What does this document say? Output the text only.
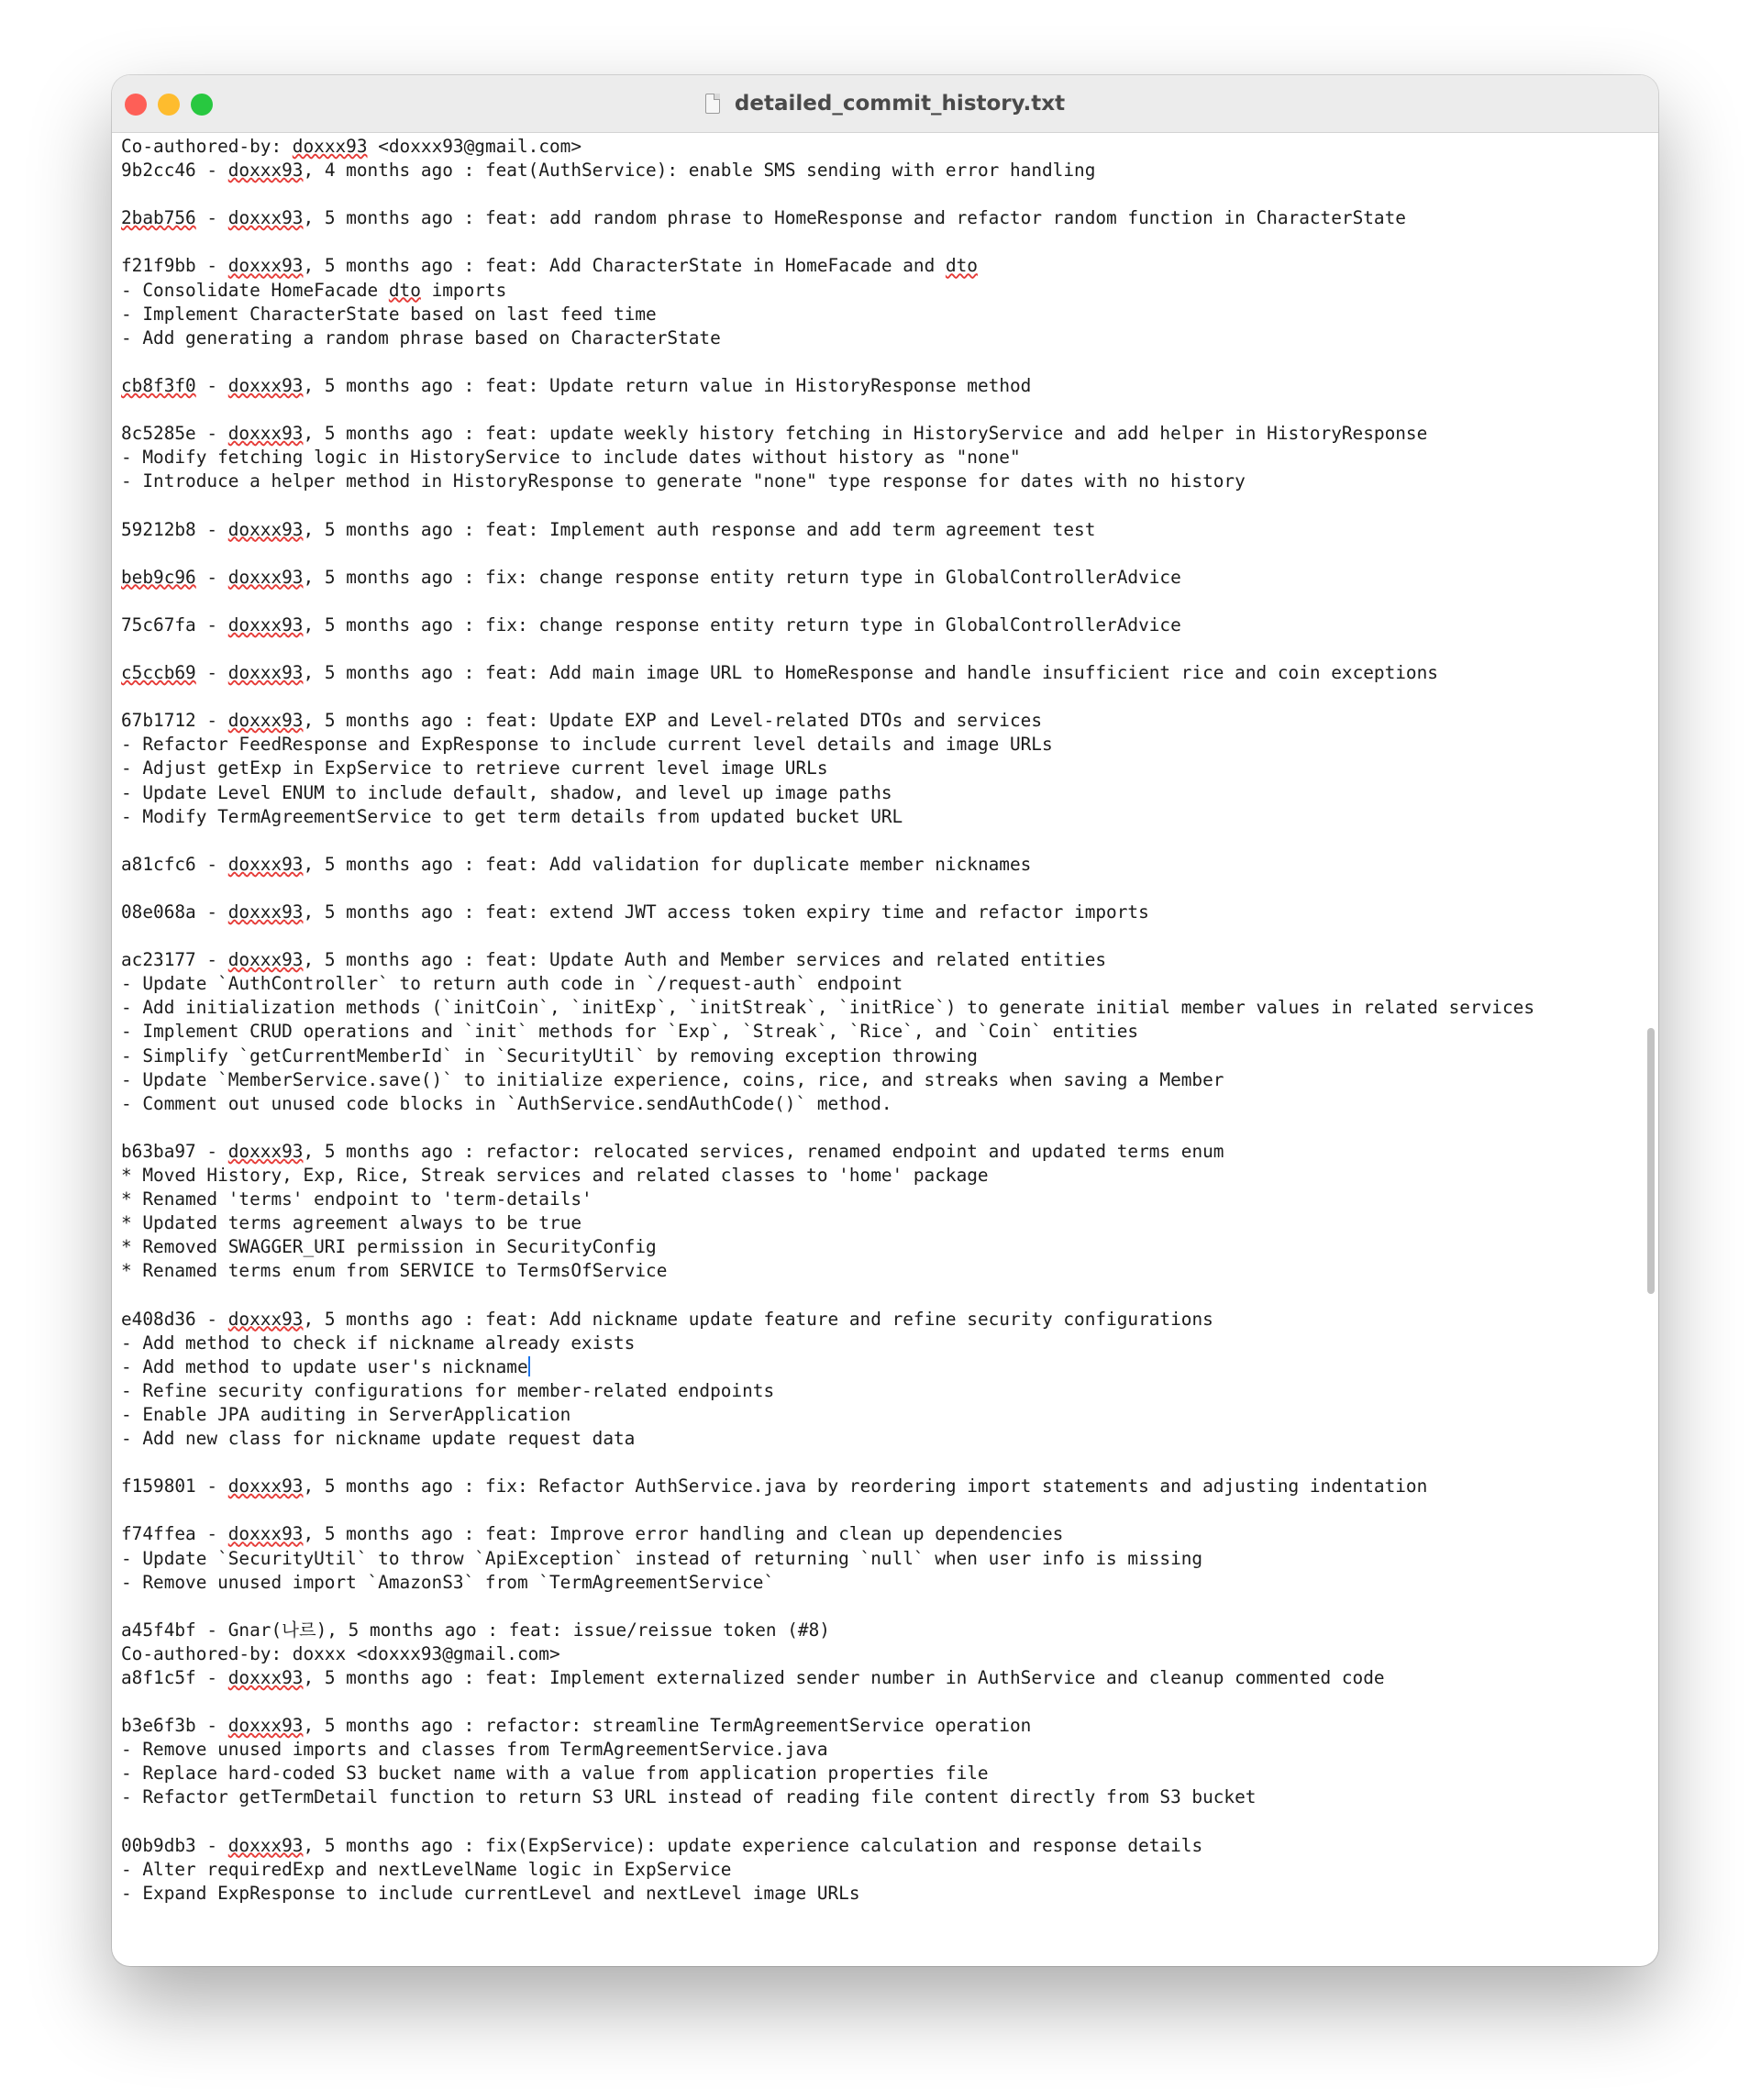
detailed_commit_history.txt
Co-authored-by: doxxx93 <doxxx93@gmail.com>
9b2cc46 - doxxx93, 4 months ago : feat(AuthService): enable SMS sending with error handling
2bab756 - doxxx93, 5 months ago : feat: add random phrase to HomeResponse and refactor random function in CharacterState
f21f9bb - doxxx93, 5 months ago : feat: Add CharacterState in HomeFacade and dto
- Consolidate HomeFacade dto imports
- Implement CharacterState based on last feed time
- Add generating a random phrase based on CharacterState
cb8f3f0 - doxxx93, 5 months ago : feat: Update return value in HistoryResponse method
8c5285e - doxxx93, 5 months ago : feat: update weekly history fetching in HistoryService and add helper in HistoryResponse
- Modify fetching logic in HistoryService to include dates without history as "none"
- Introduce a helper method in HistoryResponse to generate "none" type response for dates with no history
59212b8 - doxxx93, 5 months ago : feat: Implement auth response and add term agreement test
beb9c96 - doxxx93, 5 months ago : fix: change response entity return type in GlobalControllerAdvice
75c67fa - doxxx93, 5 months ago : fix: change response entity return type in GlobalControllerAdvice
c5ccb69 - doxxx93, 5 months ago : feat: Add main image URL to HomeResponse and handle insufficient rice and coin exceptions
67b1712 - doxxx93, 5 months ago : feat: Update EXP and Level-related DTOs and services
- Refactor FeedResponse and ExpResponse to include current level details and image URLs
- Adjust getExp in ExpService to retrieve current level image URLs
- Update Level ENUM to include default, shadow, and level up image paths
- Modify TermAgreementService to get term details from updated bucket URL
a81cfc6 - doxxx93, 5 months ago : feat: Add validation for duplicate member nicknames
08e068a - doxxx93, 5 months ago : feat: extend JWT access token expiry time and refactor imports
ac23177 - doxxx93, 5 months ago : feat: Update Auth and Member services and related entities
- Update `AuthController` to return auth code in `/request-auth` endpoint
- Add initialization methods (`initCoin`, `initExp`, `initStreak`, `initRice`) to generate initial member values in related services
- Implement CRUD operations and `init` methods for `Exp`, `Streak`, `Rice`, and `Coin` entities
- Simplify `getCurrentMemberId` in `SecurityUtil` by removing exception throwing
- Update `MemberService.save()` to initialize experience, coins, rice, and streaks when saving a Member
- Comment out unused code blocks in `AuthService.sendAuthCode()` method.
b63ba97 - doxxx93, 5 months ago : refactor: relocated services, renamed endpoint and updated terms enum
* Moved History, Exp, Rice, Streak services and related classes to 'home' package
* Renamed 'terms' endpoint to 'term-details'
* Updated terms agreement always to be true
* Removed SWAGGER_URI permission in SecurityConfig
* Renamed terms enum from SERVICE to TermsOfService
e408d36 - doxxx93, 5 months ago : feat: Add nickname update feature and refine security configurations
- Add method to check if nickname already exists
- Add method to update user's nickname
- Refine security configurations for member-related endpoints
- Enable JPA auditing in ServerApplication
- Add new class for nickname update request data
f159801 - doxxx93, 5 months ago : fix: Refactor AuthService.java by reordering import statements and adjusting indentation
f74ffea - doxxx93, 5 months ago : feat: Improve error handling and clean up dependencies
- Update `SecurityUtil` to throw `ApiException` instead of returning `null` when user info is missing
- Remove unused import `AmazonS3` from `TermAgreementService`
a45f4bf - Gnar(나르), 5 months ago : feat: issue/reissue token (#8)
Co-authored-by: doxxx <doxxx93@gmail.com>
a8f1c5f - doxxx93, 5 months ago : feat: Implement externalized sender number in AuthService and cleanup commented code
b3e6f3b - doxxx93, 5 months ago : refactor: streamline TermAgreementService operation
- Remove unused imports and classes from TermAgreementService.java
- Replace hard-coded S3 bucket name with a value from application properties file
- Refactor getTermDetail function to return S3 URL instead of reading file content directly from S3 bucket
00b9db3 - doxxx93, 5 months ago : fix(ExpService): update experience calculation and response details
- Alter requiredExp and nextLevelName logic in ExpService
- Expand ExpResponse to include currentLevel and nextLevel image URLs
